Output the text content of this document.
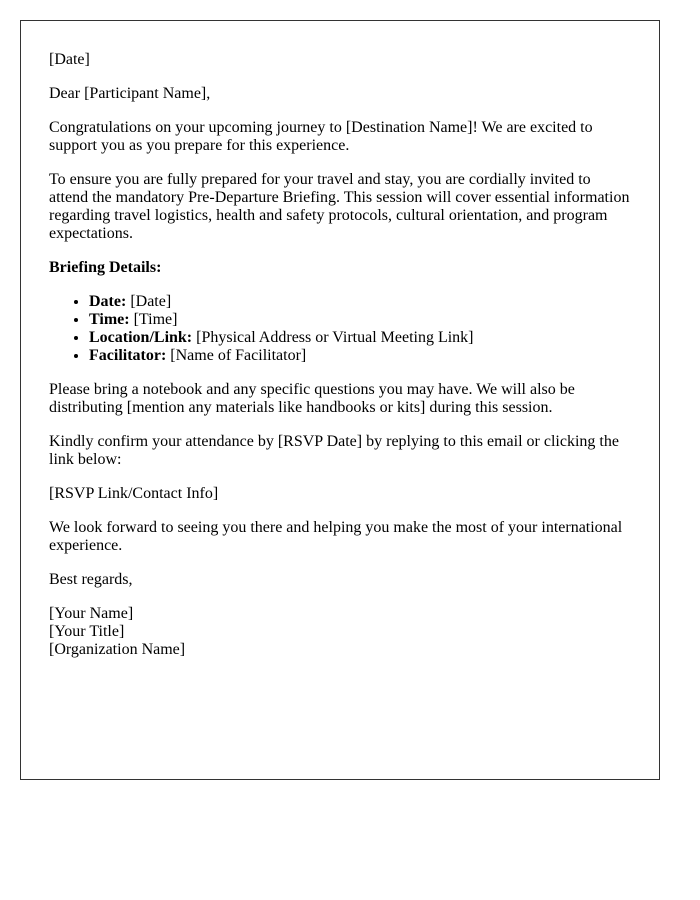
[Date]

Dear [Participant Name],

Congratulations on your upcoming journey to [Destination Name]! We are excited to support you as you prepare for this experience.

To ensure you are fully prepared for your travel and stay, you are cordially invited to attend the mandatory Pre-Departure Briefing. This session will cover essential information regarding travel logistics, health and safety protocols, cultural orientation, and program expectations.

Briefing Details:

• Date: [Date]
• Time: [Time]
• Location/Link: [Physical Address or Virtual Meeting Link]
• Facilitator: [Name of Facilitator]

Please bring a notebook and any specific questions you may have. We will also be distributing [mention any materials like handbooks or kits] during this session.

Kindly confirm your attendance by [RSVP Date] by replying to this email or clicking the link below:

[RSVP Link/Contact Info]

We look forward to seeing you there and helping you make the most of your international experience.

Best regards,

[Your Name]
[Your Title]
[Organization Name]
